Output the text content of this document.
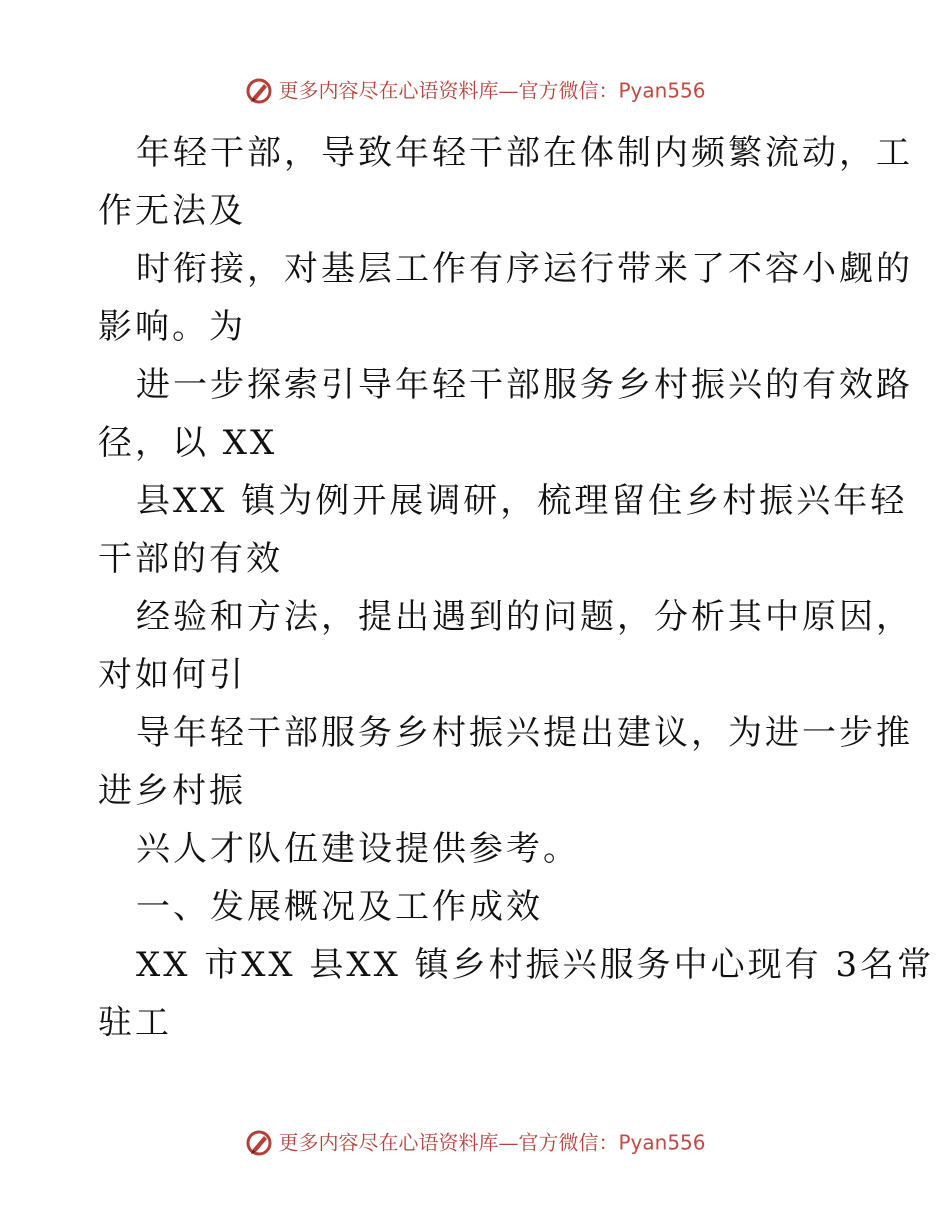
更多内容尽在心语资料库—官方微信：Pyan556
年轻干部，导致年轻干部在体制内频繁流动，工
作无法及
时衔接，对基层工作有序运行带来了不容小觑的
影响。为
进一步探索引导年轻干部服务乡村振兴的有效路
径，以 XX
县XX 镇为例开展调研，梳理留住乡村振兴年轻
干部的有效
经验和方法，提出遇到的问题，分析其中原因，
对如何引
导年轻干部服务乡村振兴提出建议，为进一步推
进乡村振
兴人才队伍建设提供参考。
一、发展概况及工作成效
XX 市XX 县XX 镇乡村振兴服务中心现有 3名常
驻工
更多内容尽在心语资料库—官方微信：Pyan556
